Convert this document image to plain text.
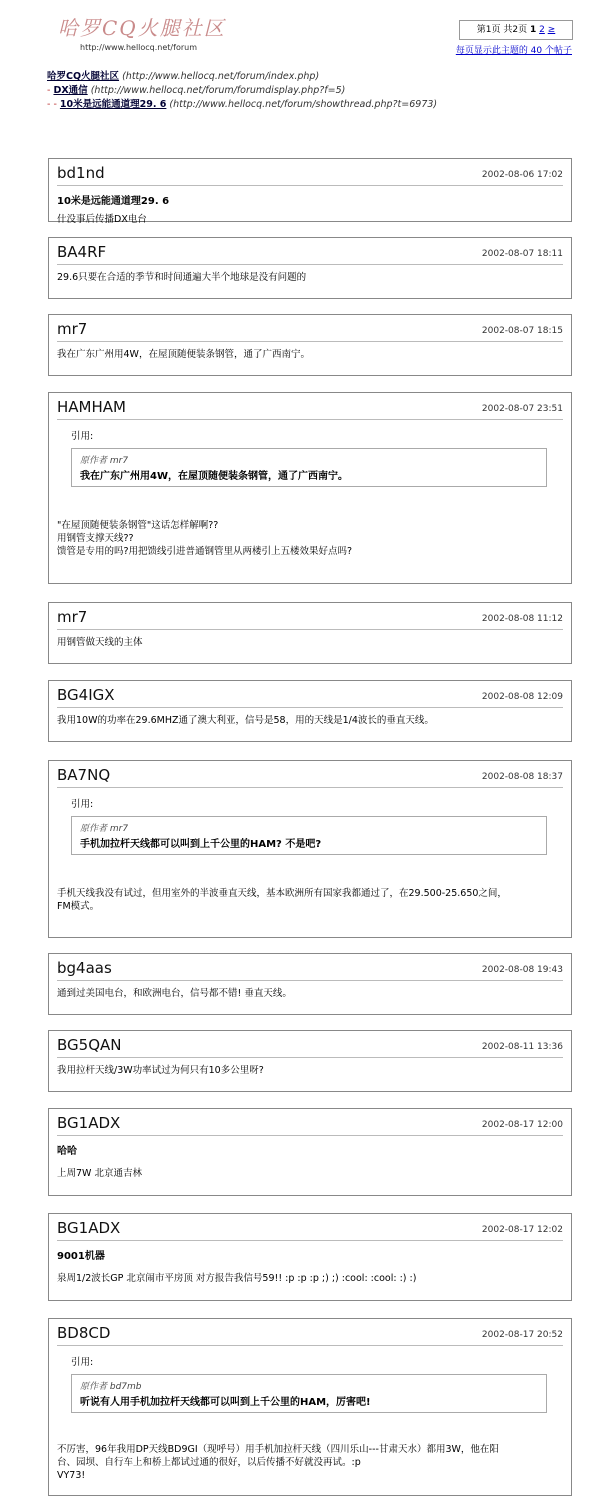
哈罗CQ火腿社区
http://www.hellocq.net/forum
第1页 共2页 1 2 ≥
每页显示此主题的 40 个帖子
哈罗CQ火腿社区 (http://www.hellocq.net/forum/index.php)
- DX通信 (http://www.hellocq.net/forum/forumdisplay.php?f=5)
- - 10米是远能通道理29. 6 (http://www.hellocq.net/forum/showthread.php?t=6973)
bd1nd	2002-08-06 17:02
10米是远能通道理29. 6
什没事后传播DX电台
BA4RF	2002-08-07 18:11
29.6只要在合适的季节和时间通遍大半个地球是没有问题的
mr7	2002-08-07 18:15
我在广东广州用4W，在屋顶随便装条钢管，通了广西南宁。
HAMHAM	2002-08-07 23:51
引用:
原作者 mr7
我在广东广州用4W，在屋顶随便装条钢管，通了广西南宁。
"在屋顶随便装条钢管"这话怎样解啊??
用钢管支撑天线??
馈管是专用的吗?用把馈线引进普通钢管里从两楼引上五楼效果好点吗?
mr7	2002-08-08 11:12
用钢管做天线的主体
BG4IGX	2002-08-08 12:09
我用10W的功率在29.6MHZ通了澳大利亚，信号是58，用的天线是1/4波长的垂直天线。
BA7NQ	2002-08-08 18:37
引用:
原作者 mr7
手机加拉杆天线都可以叫到上千公里的HAM? 不是吧?
手机天线我没有试过，但用室外的半波垂直天线，基本欧洲所有国家我都通过了，在29.500-25.650之间，
FM模式。
bg4aas	2002-08-08 19:43
通到过美国电台，和欧洲电台，信号都不错! 垂直天线。
BG5QAN	2002-08-11 13:36
我用拉杆天线/3W功率试过为何只有10多公里呀?
BG1ADX	2002-08-17 12:00
哈哈
上周7W 北京通吉林
BG1ADX	2002-08-17 12:02
9001机器
泉周1/2波长GP 北京闹市平房顶 对方报告我信号59!! :p :p :p ;) ;) :cool: :cool: :) :)
BD8CD	2002-08-17 20:52
引用:
原作者 bd7mb
听说有人用手机加拉杆天线都可以叫到上千公里的HAM，厉害吧!
不厉害，96年我用DP天线BD9GI（现呼号）用手机加拉杆天线（四川乐山---甘肃天水）都用3W，他在阳
台、园坝、自行车上和桥上都试过通的很好，以后传播不好就没再试。:p
VY73!
